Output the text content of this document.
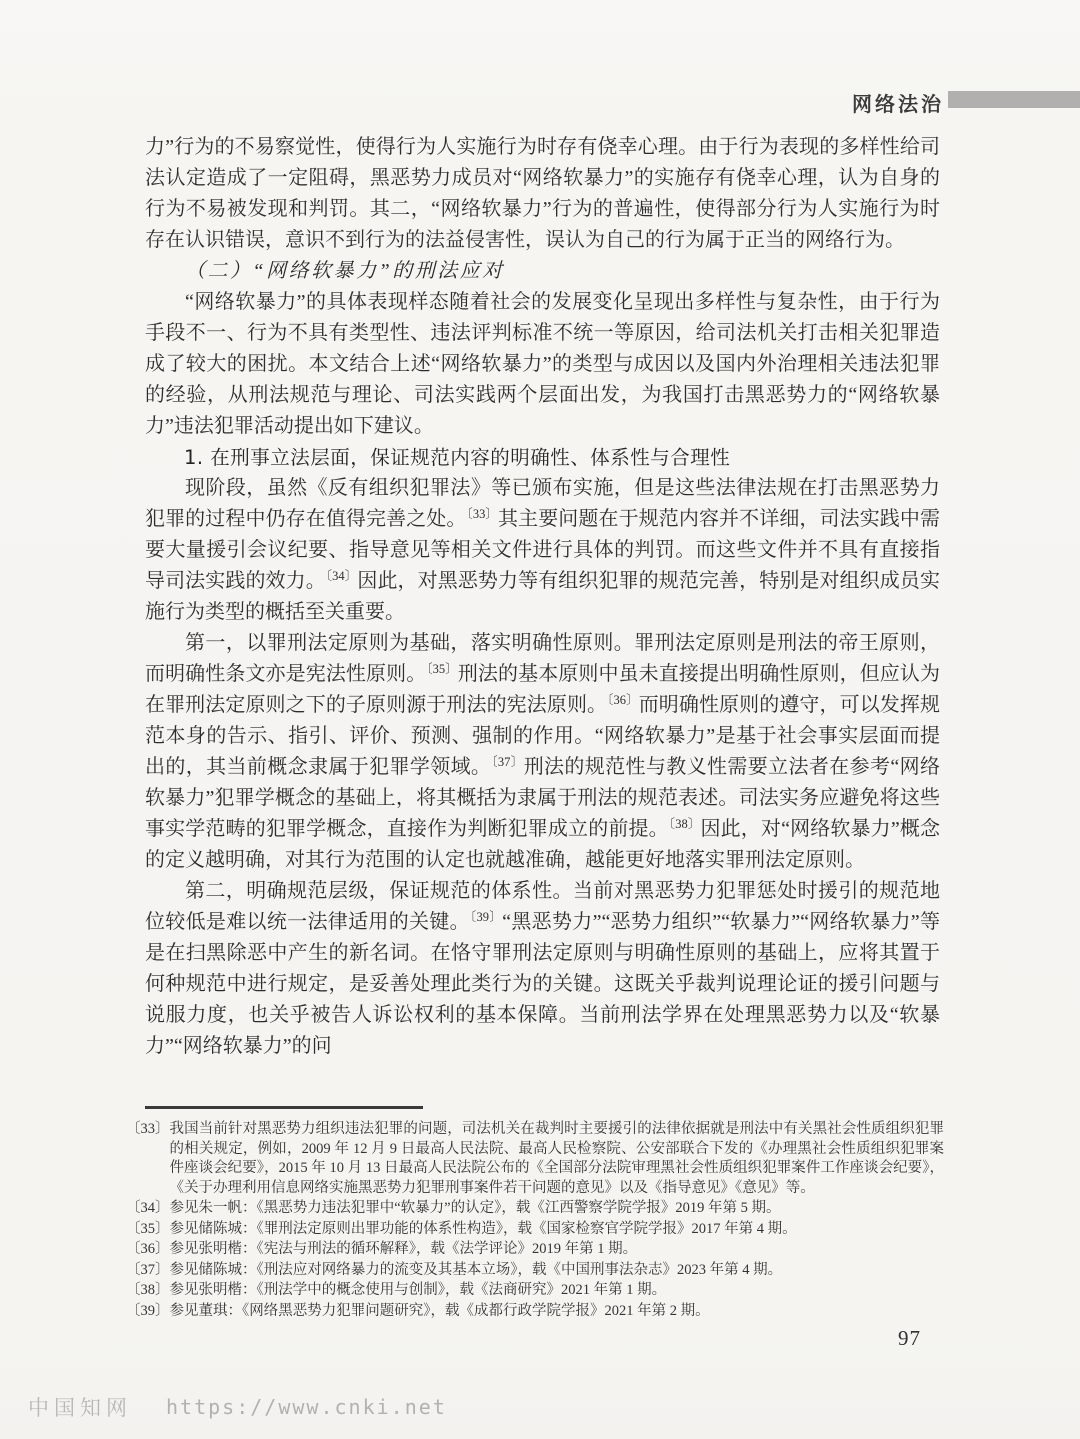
网络法治

力”行为的不易察觉性，使得行为人实施行为时存有侥幸心理。由于行为表现的多样性给司法认定造成了一定阻碍，黑恶势力成员对“网络软暴力”的实施存有侥幸心理，认为自身的行为不易被发现和判罚。其二，“网络软暴力”行为的普遍性，使得部分行为人实施行为时存在认识错误，意识不到行为的法益侵害性，误认为自己的行为属于正当的网络行为。

（二）“网络软暴力”的刑法应对

“网络软暴力”的具体表现样态随着社会的发展变化呈现出多样性与复杂性，由于行为手段不一、行为不具有类型性、违法评判标准不统一等原因，给司法机关打击相关犯罪造成了较大的困扰。本文结合上述“网络软暴力”的类型与成因以及国内外治理相关违法犯罪的经验，从刑法规范与理论、司法实践两个层面出发，为我国打击黑恶势力的“网络软暴力”违法犯罪活动提出如下建议。

1. 在刑事立法层面，保证规范内容的明确性、体系性与合理性

现阶段，虽然《反有组织犯罪法》等已颁布实施，但是这些法律法规在打击黑恶势力犯罪的过程中仍存在值得完善之处。$^{〔33〕}$其主要问题在于规范内容并不详细，司法实践中需要大量援引会议纪要、指导意见等相关文件进行具体的判罚。而这些文件并不具有直接指导司法实践的效力。$^{〔34〕}$因此，对黑恶势力等有组织犯罪的规范完善，特别是对组织成员实施行为类型的概括至关重要。

第一，以罪刑法定原则为基础，落实明确性原则。罪刑法定原则是刑法的帝王原则，而明确性条文亦是宪法性原则。$^{〔35〕}$刑法的基本原则中虽未直接提出明确性原则，但应认为在罪刑法定原则之下的子原则源于刑法的宪法原则。$^{〔36〕}$而明确性原则的遵守，可以发挥规范本身的告示、指引、评价、预测、强制的作用。“网络软暴力”是基于社会事实层面而提出的，其当前概念隶属于犯罪学领域。$^{〔37〕}$刑法的规范性与教义性需要立法者在参考“网络软暴力”犯罪学概念的基础上，将其概括为隶属于刑法的规范表述。司法实务应避免将这些事实学范畴的犯罪学概念，直接作为判断犯罪成立的前提。$^{〔38〕}$因此，对“网络软暴力”概念的定义越明确，对其行为范围的认定也就越准确，越能更好地落实罪刑法定原则。

第二，明确规范层级，保证规范的体系性。当前对黑恶势力犯罪惩处时援引的规范地位较低是难以统一法律适用的关键。$^{〔39〕}$“黑恶势力”“恶势力组织”“软暴力”“网络软暴力”等是在扫黑除恶中产生的新名词。在恪守罪刑法定原则与明确性原则的基础上，应将其置于何种规范中进行规定，是妥善处理此类行为的关键。这既关乎裁判说理论证的援引问题与说服力度，也关乎被告人诉讼权利的基本保障。当前刑法学界在处理黑恶势力以及“软暴力”“网络软暴力”的问

〔33〕 我国当前针对黑恶势力组织违法犯罪的问题，司法机关在裁判时主要援引的法律依据就是刑法中有关黑社会性质组织犯罪的相关规定，例如，2009 年 12 月 9 日最高人民法院、最高人民检察院、公安部联合下发的《办理黑社会性质组织犯罪案件座谈会纪要》，2015 年 10 月 13 日最高人民法院公布的《全国部分法院审理黑社会性质组织犯罪案件工作座谈会纪要》，《关于办理利用信息网络实施黑恶势力犯罪刑事案件若干问题的意见》以及《指导意见》《意见》等。
〔34〕 参见朱一帆：《黑恶势力违法犯罪中“软暴力”的认定》，载《江西警察学院学报》2019 年第 5 期。
〔35〕 参见储陈城：《罪刑法定原则出罪功能的体系性构造》，载《国家检察官学院学报》2017 年第 4 期。
〔36〕 参见张明楷：《宪法与刑法的循环解释》，载《法学评论》2019 年第 1 期。
〔37〕 参见储陈城：《刑法应对网络暴力的流变及其基本立场》，载《中国刑事法杂志》2023 年第 4 期。
〔38〕 参见张明楷：《刑法学中的概念使用与创制》，载《法商研究》2021 年第 1 期。
〔39〕 参见董琪：《网络黑恶势力犯罪问题研究》，载《成都行政学院学报》2021 年第 2 期。
97
中国知网 https://www.cnki.net
